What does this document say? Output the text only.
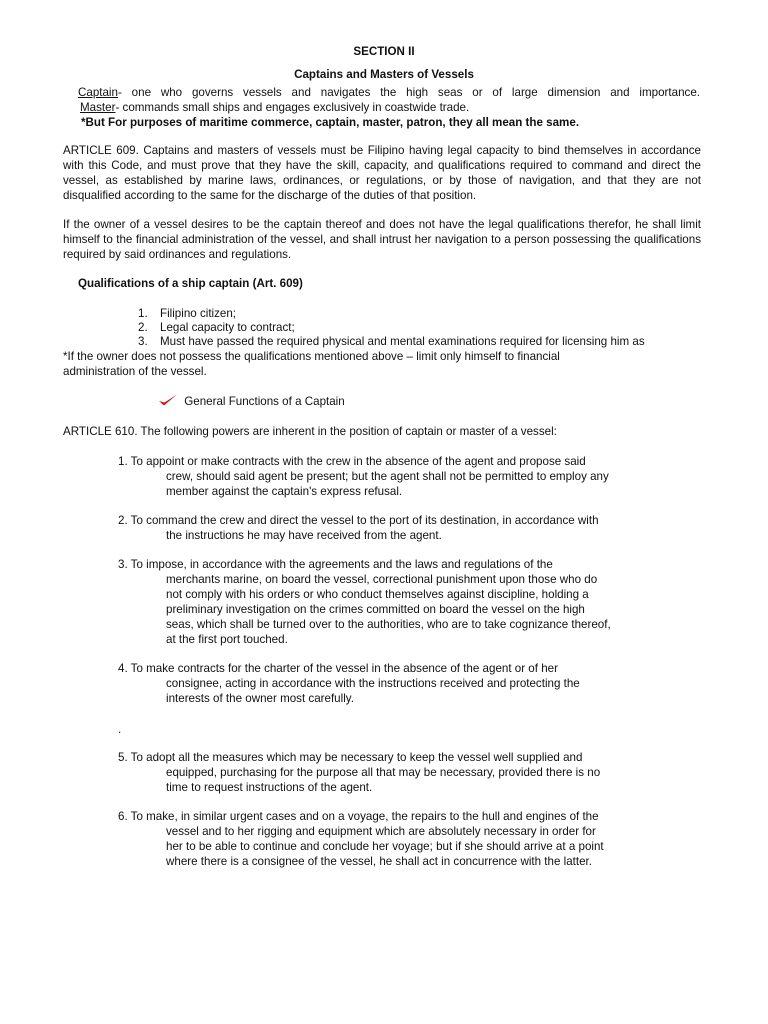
SECTION II
Captains and Masters of Vessels
Captain- one who governs vessels and navigates the high seas or of large dimension and importance.
Master- commands small ships and engages exclusively in coastwide trade.
*But For purposes of maritime commerce, captain, master, patron, they all mean the same.
ARTICLE 609. Captains and masters of vessels must be Filipino having legal capacity to bind themselves in accordance with this Code, and must prove that they have the skill, capacity, and qualifications required to command and direct the vessel, as established by marine laws, ordinances, or regulations, or by those of navigation, and that they are not disqualified according to the same for the discharge of the duties of that position.
If the owner of a vessel desires to be the captain thereof and does not have the legal qualifications therefor, he shall limit himself to the financial administration of the vessel, and shall intrust her navigation to a person possessing the qualifications required by said ordinances and regulations.
Qualifications of a ship captain (Art. 609)
1. Filipino citizen;
2. Legal capacity to contract;
3. Must have passed the required physical and mental examinations required for licensing him as
*If the owner does not possess the qualifications mentioned above – limit only himself to financial
administration of the vessel.
General Functions of a Captain
ARTICLE 610. The following powers are inherent in the position of captain or master of a vessel:
1. To appoint or make contracts with the crew in the absence of the agent and propose said
crew, should said agent be present; but the agent shall not be permitted to employ any
member against the captain's express refusal.
2. To command the crew and direct the vessel to the port of its destination, in accordance with
the instructions he may have received from the agent.
3. To impose, in accordance with the agreements and the laws and regulations of the
merchants marine, on board the vessel, correctional punishment upon those who do
not comply with his orders or who conduct themselves against discipline, holding a
preliminary investigation on the crimes committed on board the vessel on the high
seas, which shall be turned over to the authorities, who are to take cognizance thereof,
at the first port touched.
4. To make contracts for the charter of the vessel in the absence of the agent or of her
consignee, acting in accordance with the instructions received and protecting the
interests of the owner most carefully.
5. To adopt all the measures which may be necessary to keep the vessel well supplied and
equipped, purchasing for the purpose all that may be necessary, provided there is no
time to request instructions of the agent.
6. To make, in similar urgent cases and on a voyage, the repairs to the hull and engines of the
vessel and to her rigging and equipment which are absolutely necessary in order for
her to be able to continue and conclude her voyage; but if she should arrive at a point
where there is a consignee of the vessel, he shall act in concurrence with the latter.
.
